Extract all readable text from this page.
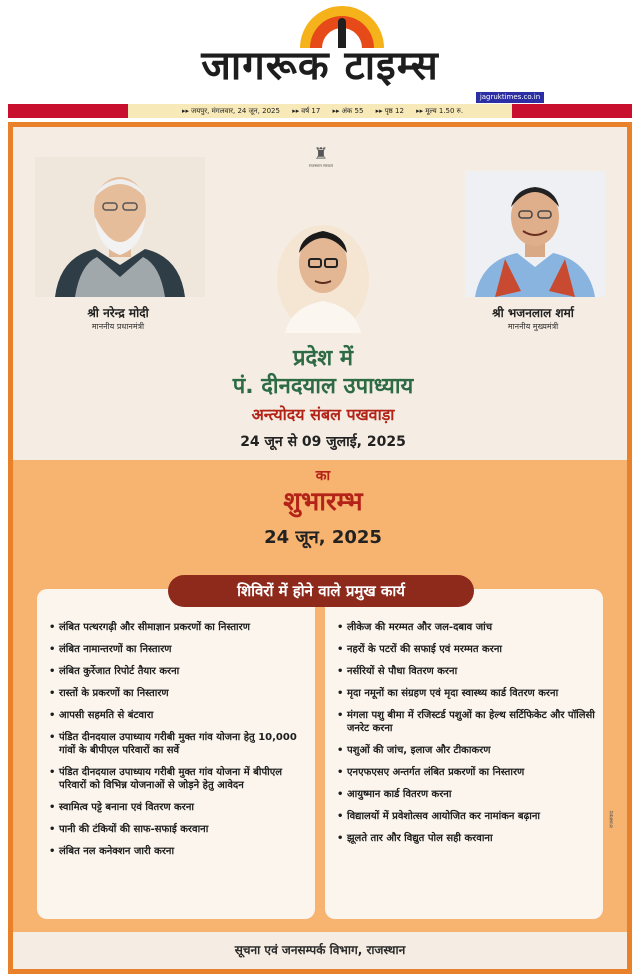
जागरूक टाइम्स
jagruktimes.co.in
▸▸ जयपुर, मंगलवार, 24 जून, 2025 ▸▸ वर्ष 17 ▸▸ अंक 55 ▸▸ पृष्ठ 12 ▸▸ मूल्य 1.50 रु.
♜
राजस्थान सरकार
श्री नरेन्द्र मोदी
माननीय प्रधानमंत्री
श्री भजनलाल शर्मा
माननीय मुख्यमंत्री
प्रदेश में
पं. दीनदयाल उपाध्याय
अन्त्योदय संबल पखवाड़ा
24 जून से 09 जुलाई, 2025
का
शुभारम्भ
24 जून, 2025
• लंबित पत्थरगढ़ी और सीमाज्ञान प्रकरणों का निस्तारण
• लंबित नामान्तरणों का निस्तारण
• लंबित कुर्रेजात रिपोर्ट तैयार करना
• रास्तों के प्रकरणों का निस्तारण
• आपसी सहमति से बंटवारा
• पंडित दीनदयाल उपाध्याय गरीबी मुक्त गांव योजना हेतु 10,000 गांवों के बीपीएल परिवारों का सर्वे
• पंडित दीनदयाल उपाध्याय गरीबी मुक्त गांव योजना में बीपीएल परिवारों को विभिन्न योजनाओं से जोड़ने हेतु आवेदन
• स्वामित्व पट्टे बनाना एवं वितरण करना
• पानी की टंकियों की साफ-सफाई करवाना
• लंबित नल कनेक्शन जारी करना
• लीकेज की मरम्मत और जल-दबाव जांच
• नहरों के पटरों की सफाई एवं मरम्मत करना
• नर्सरियों से पौधा वितरण करना
• मृदा नमूनों का संग्रहण एवं मृदा स्वास्थ्य कार्ड वितरण करना
• मंगला पशु बीमा में रजिस्टर्ड पशुओं का हेल्थ सर्टिफिकेट और पॉलिसी जनरेट करना
• पशुओं की जांच, इलाज और टीकाकरण
• एनएफएसए अन्तर्गत लंबित प्रकरणों का निस्तारण
• आयुष्मान कार्ड वितरण करना
• विद्यालयों में प्रवेशोत्सव आयोजित कर नामांकन बढ़ाना
• झूलते तार और विद्युत पोल सही करवाना
शिविरों में होने वाले प्रमुख कार्य
राजसंवाद
सूचना एवं जनसम्पर्क विभाग, राजस्थान
